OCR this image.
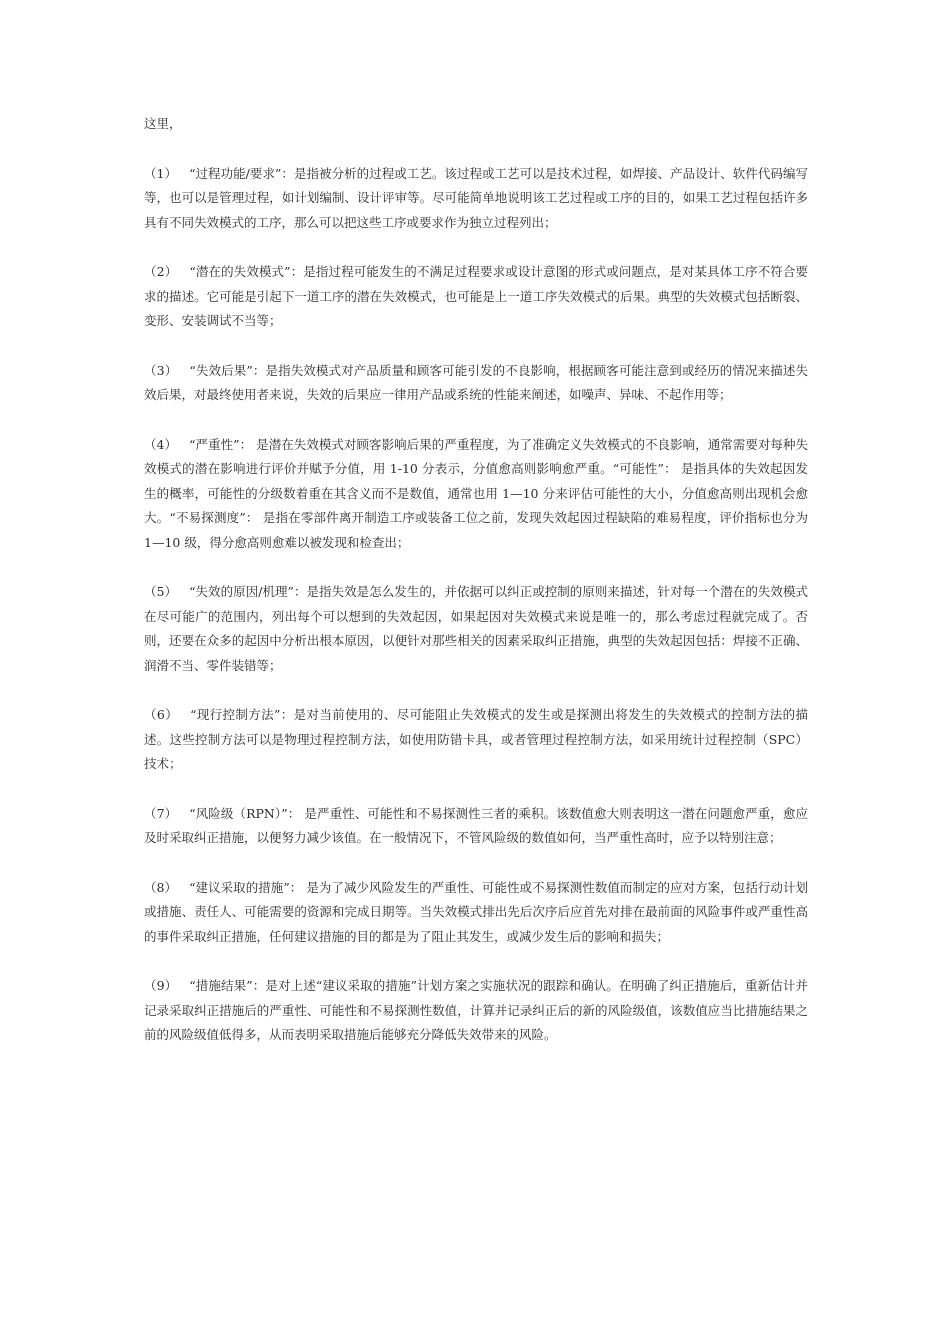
这里，

（1） “过程功能/要求”：是指被分析的过程或工艺。该过程或工艺可以是技术过程，如焊接、产品设计、软件代码编写等，也可以是管理过程，如计划编制、设计评审等。尽可能简单地说明该工艺过程或工序的目的，如果工艺过程包括许多具有不同失效模式的工序，那么可以把这些工序或要求作为独立过程列出；

（2） “潜在的失效模式”：是指过程可能发生的不满足过程要求或设计意图的形式或问题点，是对某具体工序不符合要求的描述。它可能是引起下一道工序的潜在失效模式，也可能是上一道工序失效模式的后果。典型的失效模式包括断裂、变形、安装调试不当等；

（3） “失效后果”：是指失效模式对产品质量和顾客可能引发的不良影响，根据顾客可能注意到或经历的情况来描述失效后果，对最终使用者来说，失效的后果应一律用产品或系统的性能来阐述，如噪声、异味、不起作用等；

（4） “严重性”： 是潜在失效模式对顾客影响后果的严重程度，为了准确定义失效模式的不良影响，通常需要对每种失效模式的潜在影响进行评价并赋予分值，用 1-10 分表示，分值愈高则影响愈严重。“可能性”： 是指具体的失效起因发生的概率，可能性的分级数着重在其含义而不是数值，通常也用 1—10 分来评估可能性的大小，分值愈高则出现机会愈大。“不易探测度”： 是指在零部件离开制造工序或装备工位之前，发现失效起因过程缺陷的难易程度，评价指标也分为 1—10 级，得分愈高则愈难以被发现和检查出；

（5） “失效的原因/机理”：是指失效是怎么发生的，并依据可以纠正或控制的原则来描述，针对每一个潜在的失效模式在尽可能广的范围内，列出每个可以想到的失效起因，如果起因对失效模式来说是唯一的，那么考虑过程就完成了。否则，还要在众多的起因中分析出根本原因，以便针对那些相关的因素采取纠正措施，典型的失效起因包括：焊接不正确、润滑不当、零件装错等；

（6） “现行控制方法”：是对当前使用的、尽可能阻止失效模式的发生或是探测出将发生的失效模式的控制方法的描述。这些控制方法可以是物理过程控制方法，如使用防错卡具，或者管理过程控制方法，如采用统计过程控制（SPC）技术；

（7） “风险级（RPN）”： 是严重性、可能性和不易探测性三者的乘积。该数值愈大则表明这一潜在问题愈严重，愈应及时采取纠正措施，以便努力减少该值。在一般情况下，不管风险级的数值如何，当严重性高时，应予以特别注意；

（8） “建议采取的措施”： 是为了减少风险发生的严重性、可能性或不易探测性数值而制定的应对方案，包括行动计划或措施、责任人、可能需要的资源和完成日期等。当失效模式排出先后次序后应首先对排在最前面的风险事件或严重性高的事件采取纠正措施，任何建议措施的目的都是为了阻止其发生，或减少发生后的影响和损失；

（9） “措施结果”：是对上述“建议采取的措施”计划方案之实施状况的跟踪和确认。在明确了纠正措施后，重新估计并记录采取纠正措施后的严重性、可能性和不易探测性数值，计算并记录纠正后的新的风险级值，该数值应当比措施结果之前的风险级值低得多，从而表明采取措施后能够充分降低失效带来的风险。
